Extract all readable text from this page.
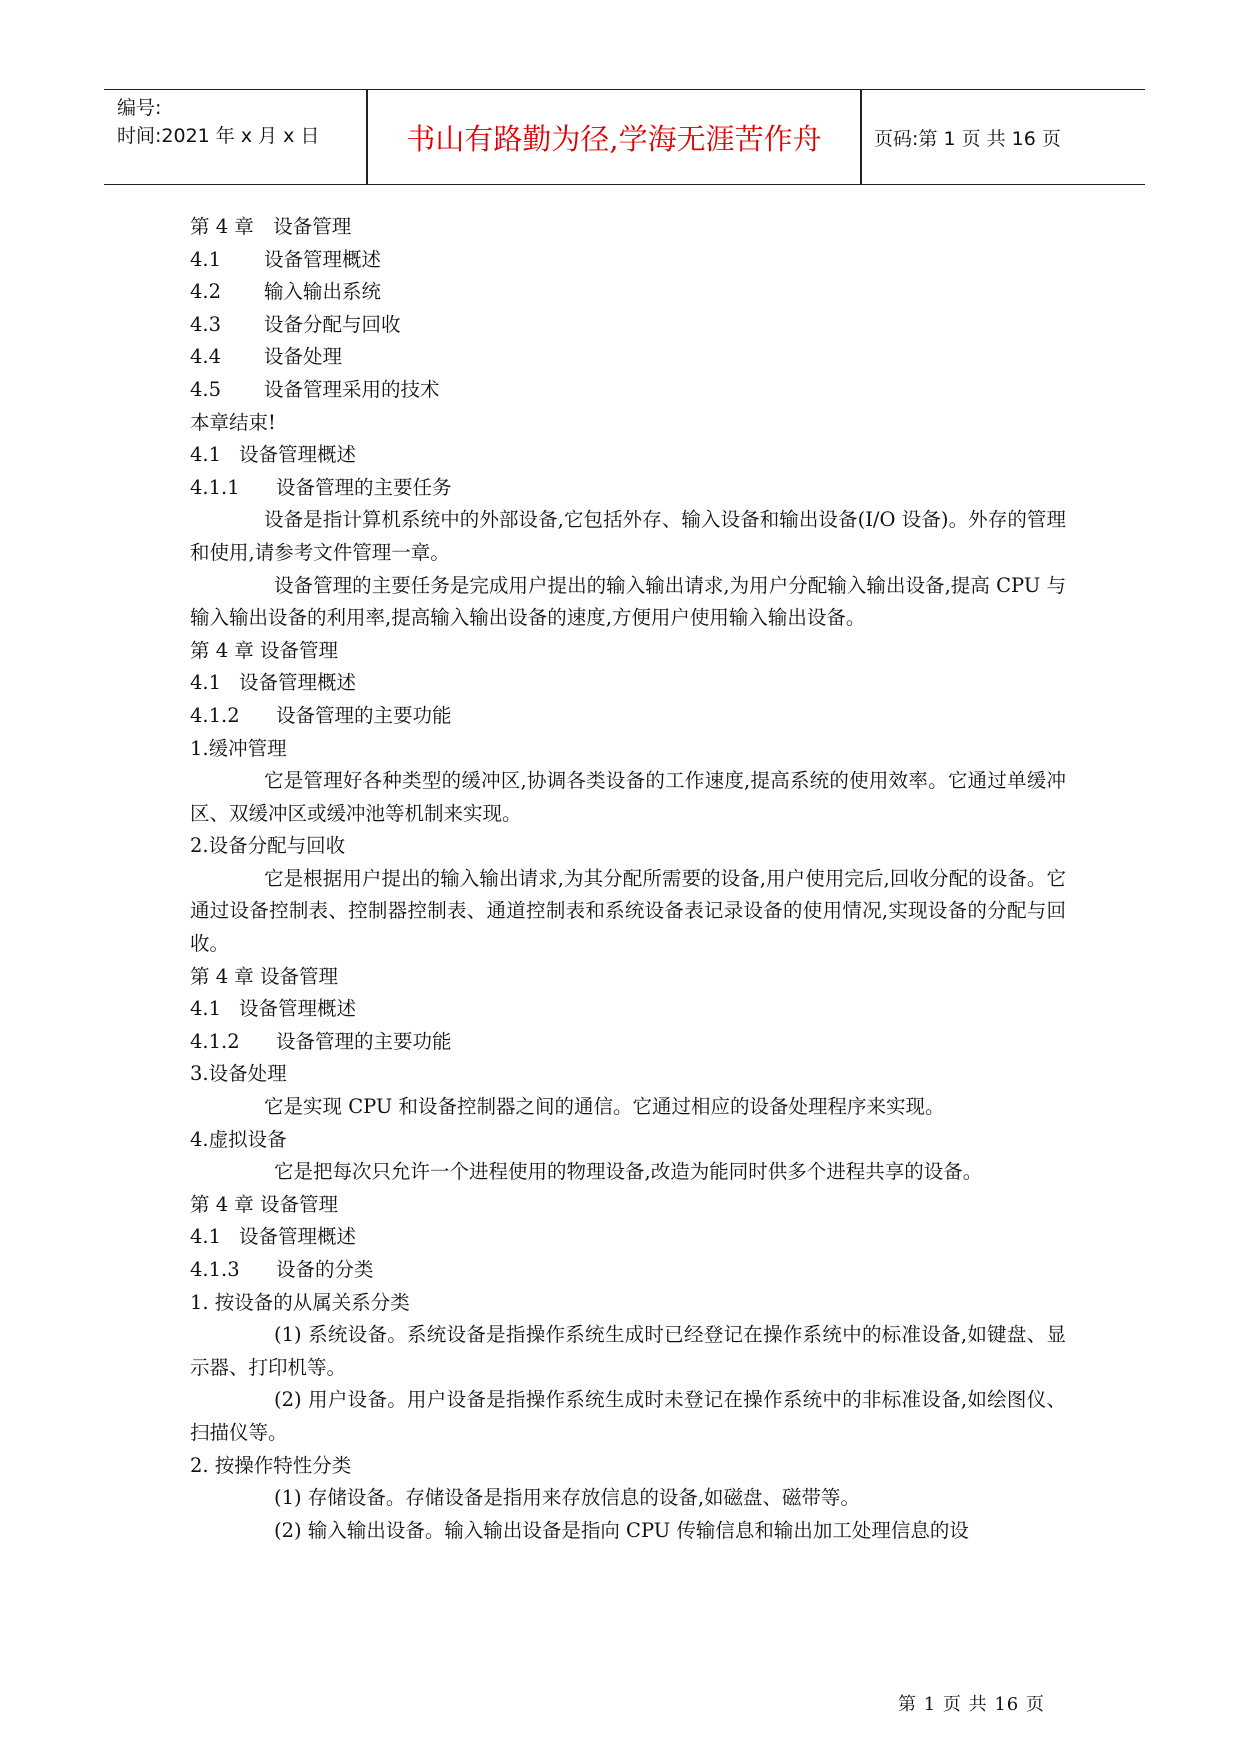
编号:
时间:2021 年 x 月 x 日	书山有路勤为径,学海无涯苦作舟	页码:第 1 页 共 16 页

第 4 章　设备管理

4.1 设备管理概述

4.2 输入输出系统

4.3 设备分配与回收

4.4 设备处理

4.5 设备管理采用的技术

本章结束!

4.1 设备管理概述

4.1.1 设备管理的主要任务

设备是指计算机系统中的外部设备,它包括外存、输入设备和输出设备(I/O 设备)。外存的管理和使用,请参考文件管理一章。

设备管理的主要任务是完成用户提出的输入输出请求,为用户分配输入输出设备,提高 CPU 与输入输出设备的利用率,提高输入输出设备的速度,方便用户使用输入输出设备。

第 4 章 设备管理

4.1 设备管理概述

4.1.2 设备管理的主要功能

1.缓冲管理

它是管理好各种类型的缓冲区,协调各类设备的工作速度,提高系统的使用效率。它通过单缓冲区、双缓冲区或缓冲池等机制来实现。

2.设备分配与回收

它是根据用户提出的输入输出请求,为其分配所需要的设备,用户使用完后,回收分配的设备。它通过设备控制表、控制器控制表、通道控制表和系统设备表记录设备的使用情况,实现设备的分配与回收。

第 4 章 设备管理

4.1 设备管理概述

4.1.2 设备管理的主要功能

3.设备处理

它是实现 CPU 和设备控制器之间的通信。它通过相应的设备处理程序来实现。

4.虚拟设备

它是把每次只允许一个进程使用的物理设备,改造为能同时供多个进程共享的设备。

第 4 章 设备管理

4.1 设备管理概述

4.1.3 设备的分类

1. 按设备的从属关系分类

(1) 系统设备。系统设备是指操作系统生成时已经登记在操作系统中的标准设备,如键盘、显示器、打印机等。

(2) 用户设备。用户设备是指操作系统生成时未登记在操作系统中的非标准设备,如绘图仪、扫描仪等。

2. 按操作特性分类

(1) 存储设备。存储设备是指用来存放信息的设备,如磁盘、磁带等。

(2) 输入输出设备。输入输出设备是指向 CPU 传输信息和输出加工处理信息的设

第 1 页 共 16 页
